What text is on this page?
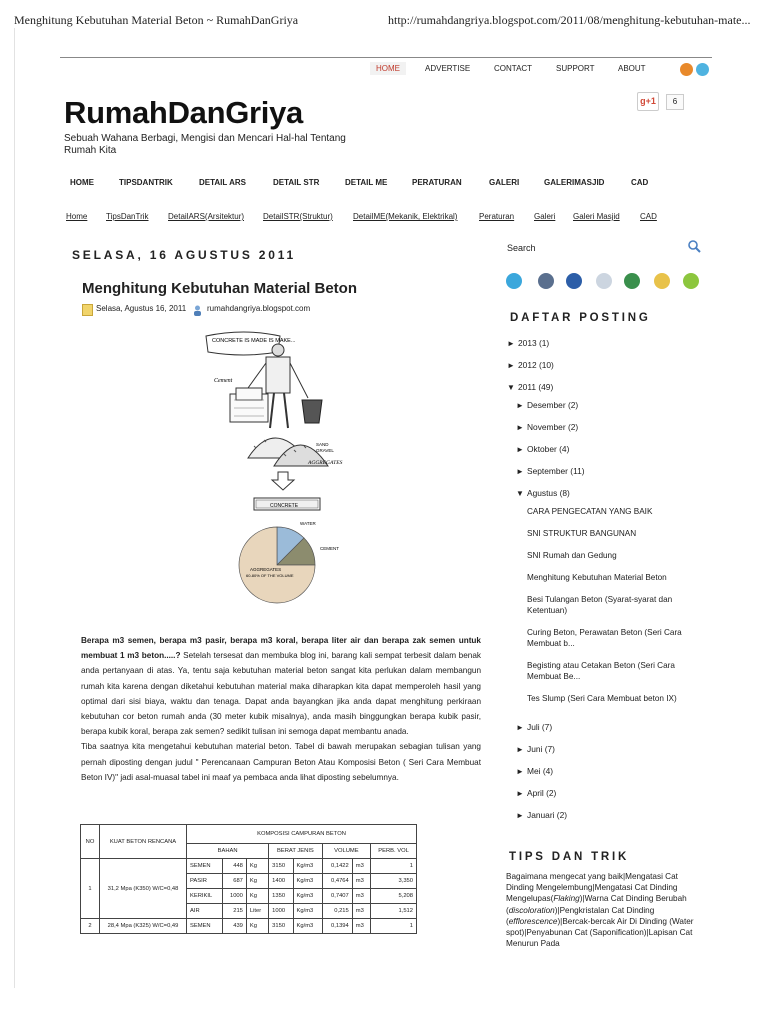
Menghitung Kebutuhan Material Beton ~ RumahDanGriya	http://rumahdangriya.blogspot.com/2011/08/menghitung-kebutuhan-mate...
HOME	ADVERTISE	CONTACT	SUPPORT	ABOUT
g+1	6
RumahDanGriya
Sebuah Wahana Berbagi, Mengisi dan Mencari Hal-hal Tentang Rumah Kita
HOME	TIPSDANTRIK	DETAIL ARS	DETAIL STR	DETAIL ME	PERATURAN	GALERI	GALERIMASJID	CAD
Home TipsDanTrik DetailARS(Arsitektur) DetailSTR(Struktur)	DetailME(Mekanik, Elektrikal)	Peraturan Galeri Galeri Masjid	CAD
SELASA, 16 AGUSTUS 2011
Menghitung Kebutuhan Material Beton
Selasa, Agustus 16, 2011	rumahdangriya.blogspot.com
CONCRETE IS MADE IS MAKE...
Cement
SAND
GRAVEL
AGGREGATES
CONCRETE
WATER
CEMENT
AGGREGATES
60-80% OF THE VOLUME

Berapa m3 semen, berapa m3 pasir, berapa m3 koral, berapa liter air dan berapa zak semen untuk membuat 1 m3 beton.....? Setelah tersesat dan membuka blog ini, barang kali sempat terbesit dalam benak anda pertanyaan di atas. Ya, tentu saja kebutuhan material beton sangat kita perlukan dalam membangun rumah kita karena dengan diketahui kebutuhan material maka diharapkan kita dapat memperoleh hasil yang optimal dari sisi biaya, waktu dan tenaga. Dapat anda bayangkan jika anda dapat menghitung perkiraan kebutuhan cor beton rumah anda (30 meter kubik misalnya), anda masih binggungkan berapa kubik pasir, berapa kubik koral, berapa zak semen? sedikit tulisan ini semoga dapat membantu anada.

Tiba saatnya kita mengetahui kebutuhan material beton. Tabel di bawah merupakan sebagian tulisan yang pernah diposting dengan judul " Perencanaan Campuran Beton Atau Komposisi Beton ( Seri Cara Membuat Beton IV)" jadi asal-muasal tabel ini maaf ya pembaca anda lihat diposting sebelumnya.

NO	KUAT BETON RENCANA	KOMPOSISI CAMPURAN BETON							
		BAHAN			BERAT JENIS		VOLUME		PERB. VOL
1	31,2 Mpa (K350) W/C=0,48	SEMEN	448	Kg	3150	Kg/m3	0,1422	m3	1
		PASIR	687	Kg	1400	Kg/m3	0,4764	m3	3,350
		KERIKIL	1000	Kg	1350	Kg/m3	0,7407	m3	5,208
		AIR	215	Liter	1000	Kg/m3	0,215	m3	1,512
2	28,4 Mpa (K325) W/C=0,49	SEMEN	439	Kg	3150	Kg/m3	0,1394	m3	1
Search
DAFTAR POSTING
► 2013 (1)
► 2012 (10)
▼ 2011 (49)
► Desember (2)
► November (2)
► Oktober (4)
► September (11)
▼ Agustus (8)
CARA PENGECATAN YANG BAIK
SNI STRUKTUR BANGUNAN
SNI Rumah dan Gedung
Menghitung Kebutuhan Material Beton
Besi Tulangan Beton (Syarat-syarat dan Ketentuan)
Curing Beton, Perawatan Beton (Seri Cara Membuat b...
Begisting atau Cetakan Beton (Seri Cara Membuat Be...
Tes Slump (Seri Cara Membuat beton IX)
► Juli (7)
► Juni (7)
► Mei (4)
► April (2)
► Januari (2)
TIPS DAN TRIK
Bagaimana mengecat yang baik|Mengatasi Cat Dinding Mengelembung|Mengatasi Cat Dinding Mengelupas(Flaking)|Warna Cat Dinding Berubah (discoloration)|Pengkristalan Cat Dinding (efflorescence)|Bercak-bercak Air Di Dinding (Water spot)|Penyabunan Cat (Saponification)|Lapisan Cat Menurun Pada
